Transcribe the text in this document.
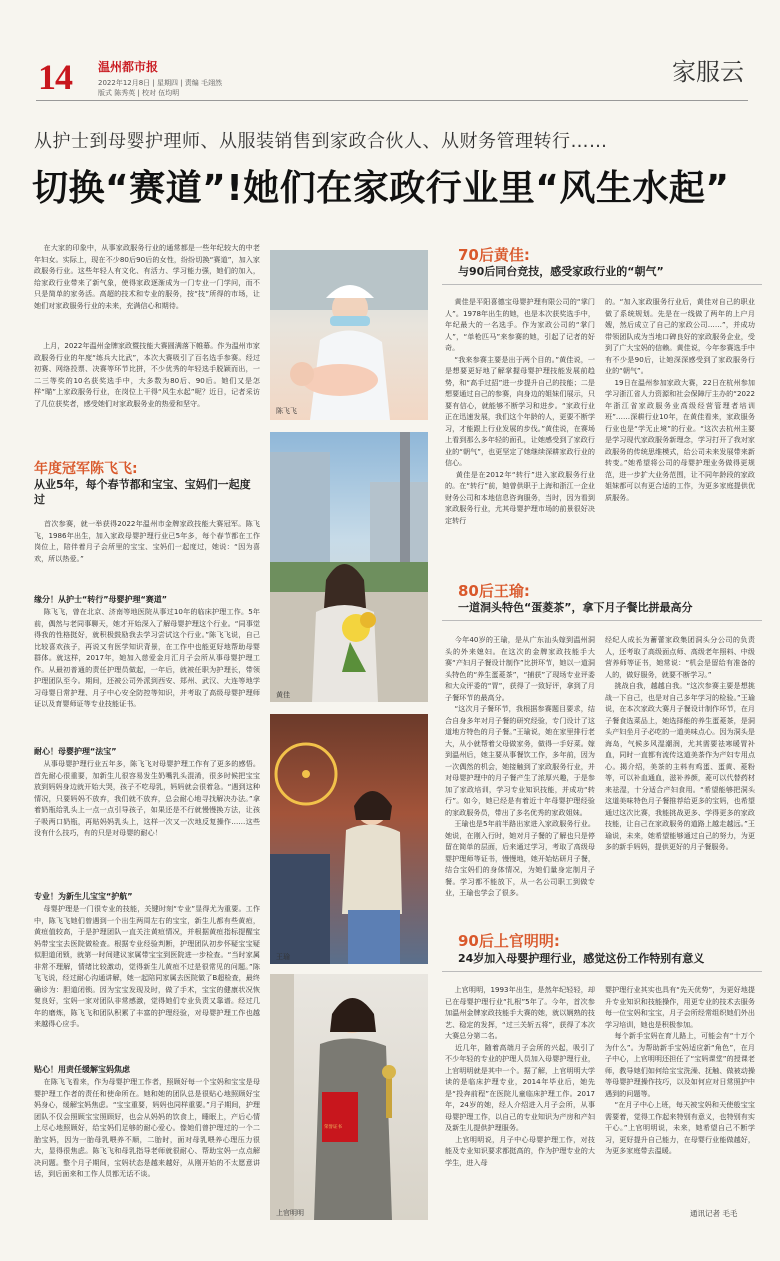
14 温州都市报
2022年12月8日 | 星期四 | 责编 毛翊然
版式 陈秀英 | 校对 伍均明
家服云
从护士到母婴护理师、从服装销售到家政合伙人、从财务管理转行……
切换“赛道”!她们在家政行业里“风生水起”
在大家的印象中，从事家政服务行业的通常都是一些年纪较大的中老年妇女。实际上，现在不少80后90后的女性，纷纷切换“赛道”，加入家政服务行业。这些年轻人有文化、有活力、学习能力强，她们的加入，给家政行业带来了新气象，使得家政逐渐成为一门专业一门学问，而不只是简单的家务活。高超的技术和专业的服务，按“技”所得的市场，让她们对家政服务行业的未来，充满信心和期待。
上月，2022年温州金牌家政暨技能大赛圆满落下帷幕。作为温州市家政服务行业的年度“练兵大比武”，本次大赛吸引了百名选手参赛。经过初赛、网络投票、决赛等环节比拼，不少优秀的年轻选手脱颖而出，一二三等奖的10名获奖选手中，大多数为80后、90后。她们又是怎样“瞄”上家政服务行业，在岗位上干得“风生水起”呢？近日，记者采访了几位获奖者，感受她们对家政服务业的热爱和坚守。
年度冠军陈飞飞:
从业5年，每个春节都和宝宝、宝妈们一起度过
首次参赛，就一举获得2022年温州市金牌家政技能大赛冠军。陈飞飞，1986年出生，加入家政母婴护理行业已5年多，每个春节都在工作岗位上，陪伴着月子会所里的宝宝、宝妈们一起度过，她说：“因为喜欢，所以热爱。”
缘分！从护士“转行”母婴护理“赛道”
陈飞飞，曾在北京、济南等地医院从事过10年的临床护理工作。5年前，偶然与老同事聊天，她才开始深入了解母婴护理这个行业。“同事觉得我的性格挺好，就积极鼓励我去学习尝试这个行业。”陈飞飞说，自己比较喜欢孩子，再说又有医学知识背景，在工作中也能更好地帮助母婴群体。就这样，2017年，她加入慈爱金月汇月子会所从事母婴护理工作。从最初普通的责任护理员做起，一年后，就被任职为护理长，带领护理团队至今。期间，还被公司外派到西安、郑州、武汉、大连等地学习母婴日常护理、月子中心安全防控等知识，并考取了高级母婴护理师证以及育婴师证等专业技能证书。
耐心！母婴护理“法宝”
从事母婴护理行业五年多，陈飞飞对母婴护理工作有了更多的感悟。首先耐心很重要，加新生儿很容易发生奶嘴乳头混淆，很多时候把宝宝放到妈妈身边就开始大哭，孩子不吃母乳，妈妈就会很着急。“遇到这种情况，只要妈妈不放弃，我们就不放弃，总会耐心地寻找解决办法。”拿着奶瓶给乳头上一点一点引导孩子，如果还是不行就慢慢换方法，让孩子吸两口奶瓶，再贴妈妈乳头上，这样一次又一次地反复操作……这些没有什么技巧，有的只是对母婴的耐心！
专业！为新生儿宝宝“护航”
母婴护理是一门很专业的技能，关键时刻“专业”显得尤为重要。工作中，陈飞飞她们曾遇到一个出生两周左右的宝宝，新生儿都有些黄疸，黄疸值较高，于是护理团队一直关注黄疸情况，并根据黄疸指标提醒宝妈带宝宝去医院做检查。根据专业经验判断，护理团队初步怀疑宝宝疑似胆道闭锁，就第一时间建议家属带宝宝到医院进一步检查。“当时家属非常不理解，情绪比较激动，觉得新生儿黄疸不过是很常见的问题。”陈飞飞说，经过耐心沟通讲解，她一起陪同家属去医院做了B超检查，最终确诊为：胆道闭锁。因为宝宝发现及时，做了手术，宝宝的健康状况恢复良好，宝妈一家对团队非常感激，觉得她们专业负责又靠谱。经过几年的磨炼，陈飞飞和团队积累了丰富的护理经验，对母婴护理工作也越来越得心应手。
贴心！用责任缓解宝妈焦虑
在陈飞飞看来，作为母婴护理工作者，照顾好每一个宝妈和宝宝是母婴护理工作者的责任和使命所在。她和她的团队总是很贴心地照顾好宝妈身心，缓解宝妈焦虑。“宝宝重要，妈妈也同样重要。”月子期间，护理团队不仅会照顾宝宝照顾好，也会从妈妈的饮食上，睡眠上，产后心情上尽心地照顾好，给宝妈们足够的耐心爱心。像她们曾护理过的一个二胎宝妈，因为一胎母乳喂养不顺，二胎时，面对母乳喂养心理压力很大，显得很焦虑。陈飞飞和母乳指导老师就很耐心、帮助宝妈一点点解决问题。整个月子期间，宝妈状态是越来越好，从刚开始的不太愿意讲话，到后面来和工作人员都无话不谈。
陈飞飞
黄佳
王瑜
荣誉证书
上官明明
70后黄佳:
与90后同台竞技，感受家政行业的“朝气”
黄佳是平阳喜德宝母婴护理有限公司的“掌门人”。1978年出生的她，也是本次获奖选手中，年纪最大的一名选手。作为家政公司的“掌门人”，“单枪匹马”来参赛的她，引起了记者的好奇。
“我来参赛主要是出于两个目的。”黄佳说，一是想要更好地了解掌握母婴护理技能发展前趋势，和“高手过招”进一步提升自己的技能；二是想要通过自己的参赛，向身边的姐妹们展示，只要有信心，就能够不断学习和进步。“家政行业正在迅速发展，我们这个年龄的人，更要不断学习，才能跟上行业发展的步伐。”黄佳说，在赛场上看到那么多年轻的面孔，让她感受到了家政行业的“朝气”，也更坚定了她继续深耕家政行业的信心。
黄佳是在2012年“转行”进入家政服务行业的。在“转行”前，她曾供职于上海和浙江一企业财务公司和本地信息咨询服务，当时，因为看到家政服务行业，尤其母婴护理市场的前景很好决定转行
的。“加入家政服务行业后，黄佳对自己的职业做了系统规划。先是在一线做了两年的上户月嫂，然后成立了自己的家政公司……”，并成功带领团队成为当地口碑良好的家政服务企业，受到了广大宝妈的信赖。黄佳说，今年参赛选手中有不少是90后，让她深深感受到了家政服务行业的“朝气”。
19日在温州参加家政大赛，22日在杭州参加学习浙江省人力资源和社会保障厅主办的“2022年浙江省家政服务业高级经营管理者培训班”……深耕行业10年，在黄佳看来，家政服务行业也是“学无止境”的行业。“这次去杭州主要是学习现代家政服务新理念，学习打开了我对家政服务的传统思维模式，给公司未来发展带来新转变。”她希望将公司的母婴护理业务做得更规范，进一步扩大业务范围，让不同年龄段的家政姐妹都可以有更合适的工作，为更多家庭提供优质服务。
80后王瑜:
一道洞头特色“蛋菱茶”，拿下月子餐比拼最高分
今年40岁的王瑜，是从广东汕头嫁到温州洞头的外来媳妇。在这次的金牌家政技能手大赛“产妇月子餐设计制作”比拼环节，她以一道洞头特色的“养生蛋菱茶”，“捕获”了现场专业评委和大众评委的“胃”，获得了一致好评，拿到了月子餐环节的最高分。
“这次月子餐环节，我根据参赛题目要求，结合自身多年对月子餐的研究经验，专门设计了这道地方特色的月子餐。”王瑜说，她在家里排行老大，从小就帮着父母做家务，做得一手好菜。嫁到温州后，她主要从事餐饮工作，多年前，因为一次偶然的机会，她接触到了家政服务行业，并对母婴护理中的月子餐产生了浓厚兴趣，于是参加了家政培训，学习专业知识技能，并成功“转行”。如今，她已经是有着近十年母婴护理经验的家政服务员，带出了多名优秀的家政姐妹。
王瑜也是5年前半路出家进入家政服务行业。她说，在刚入行时，她对月子餐的了解也只是停留在简单的层面，后来通过学习，考取了高级母婴护理师等证书，慢慢地，她开始钻研月子餐，结合宝妈们的身体情况，为她们量身定制月子餐。学习都不能放下，从一名公司职工到做专业，王瑜也学会了很多。
经纪人成长为蓄蕾家政集团洞头分公司的负责人，还考取了高级面点师、高级老年照料、中级营养师等证书，她常说：“机会是留给有准备的人的，做好服务，就要不断学习。”
挑战自我，越越自我。“这次参赛主要是想挑战一下自己，也是对自己多年学习的检验。”王瑜说，在本次家政大赛月子餐设计制作环节，在月子餐食选菜品上，她选择能的养生蛋菱茶，是洞头产妇坐月子必吃的一道美味点心。因为洞头是海岛，气候多风湿潮润，尤其需要祛寒暖胃补血，同时一直都有流传这道美茶作为产妇专用点心。揭介绍，美茶的主料有鸡蛋、蛋黄、菱粉等，可以补血通血，滋补养颜，菱可以代替药材来祛湿，十分适合产妇食用。“希望能够把洞头这道美味特色月子餐推荐给更多的宝妈，也希望通过这次比赛，我能挑战更多、学得更多的家政技能，让自己在家政服务的道路上越走越远。”王瑜说，未来，她希望能够通过自己的努力，为更多的新手妈妈，提供更好的月子餐服务。
90后上官明明:
24岁加入母婴护理行业，感觉这份工作特别有意义
上官明明，1993年出生，是然年纪轻轻，却已在母婴护理行业“扎根”5年了。今年，首次参加温州金牌家政技能手大赛的她，就以娴熟的技艺、稳定的发挥，“过三关斩五将”，获得了本次大赛总分第二名。
近几年，随着高端月子会所的兴起，吸引了不少年轻的专业的护理人员加入母婴护理行业，上官明明就是其中一个。据了解，上官明明大学读的是临床护理专业，2014年毕业后，她先是“投奔前程”在医院儿童临床护理工作。2017年，24岁的她，经人介绍进入月子会所，从事母婴护理工作，以自己的专业知识为产房和产妇及新生儿提供护理服务。
上官明明说，月子中心母婴护理工作，对技能及专业知识要求都挺高的，作为护理专业的大学生，进入母
婴护理行业其实也具有“先天优势”，为更好地提升专业知识和技能操作，用更专业的技术去服务每一位宝妈和宝宝，月子会所经常组织她们外出学习培训，她也是积极参加。
每个新手宝妈在育儿路上，可能会有“十万个为什么”。为帮助新手宝妈适应新“角色”，在月子中心，上官明明还担任了“宝妈课堂”的授课老师，教导她们如何给宝宝洗澡、抚触、做被动操等母婴护理操作技巧，以及如何应对日常照护中遇到的问题等。
“在月子中心上班，每天被宝妈和天使般宝宝需要着，觉得工作起来特别有意义，也特别有实干心。”上官明明说，未来，她希望自己不断学习，更好提升自己能力，在母婴行业能做越好，为更多家庭带去温暖。
通讯记者 毛毛
